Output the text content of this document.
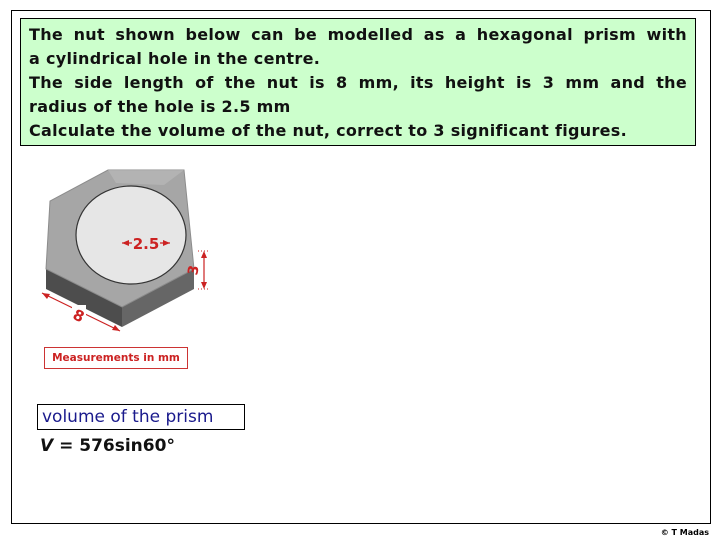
The nut shown below can be modelled as a hexagonal prism with
a cylindrical hole in the centre.
The side length of the nut is 8 mm, its height is 3 mm and the
radius of the hole is 2.5 mm
Calculate the volume of the nut, correct to 3 significant figures.
2.5
3
8
Measurements in mm
volume of the prism
V = 576sin60°
© T Madas
